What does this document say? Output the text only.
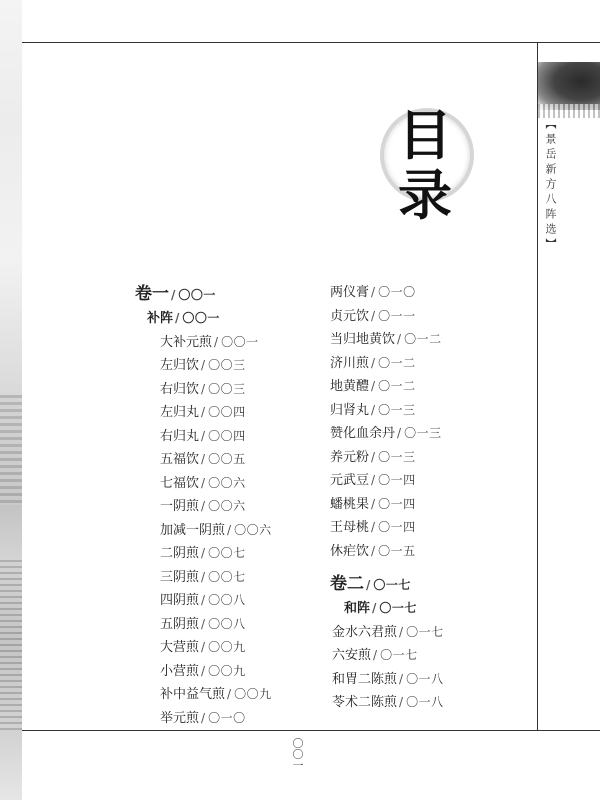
【景岳新方八阵选】
目
录
卷一 / 〇〇一
补阵 / 〇〇一
大补元煎 / 〇〇一
左归饮 / 〇〇三
右归饮 / 〇〇三
左归丸 / 〇〇四
右归丸 / 〇〇四
五福饮 / 〇〇五
七福饮 / 〇〇六
一阴煎 / 〇〇六
加减一阴煎 / 〇〇六
二阴煎 / 〇〇七
三阴煎 / 〇〇七
四阴煎 / 〇〇八
五阴煎 / 〇〇八
大营煎 / 〇〇九
小营煎 / 〇〇九
补中益气煎 / 〇〇九
举元煎 / 〇一〇
两仪膏 / 〇一〇
贞元饮 / 〇一一
当归地黄饮 / 〇一二
济川煎 / 〇一二
地黄醴 / 〇一二
归肾丸 / 〇一三
赞化血余丹 / 〇一三
养元粉 / 〇一三
元武豆 / 〇一四
蟠桃果 / 〇一四
王母桃 / 〇一四
休疟饮 / 〇一五
卷二 / 〇一七
和阵 / 〇一七
金水六君煎 / 〇一七
六安煎 / 〇一七
和胃二陈煎 / 〇一八
苓术二陈煎 / 〇一八
〇
〇
一
